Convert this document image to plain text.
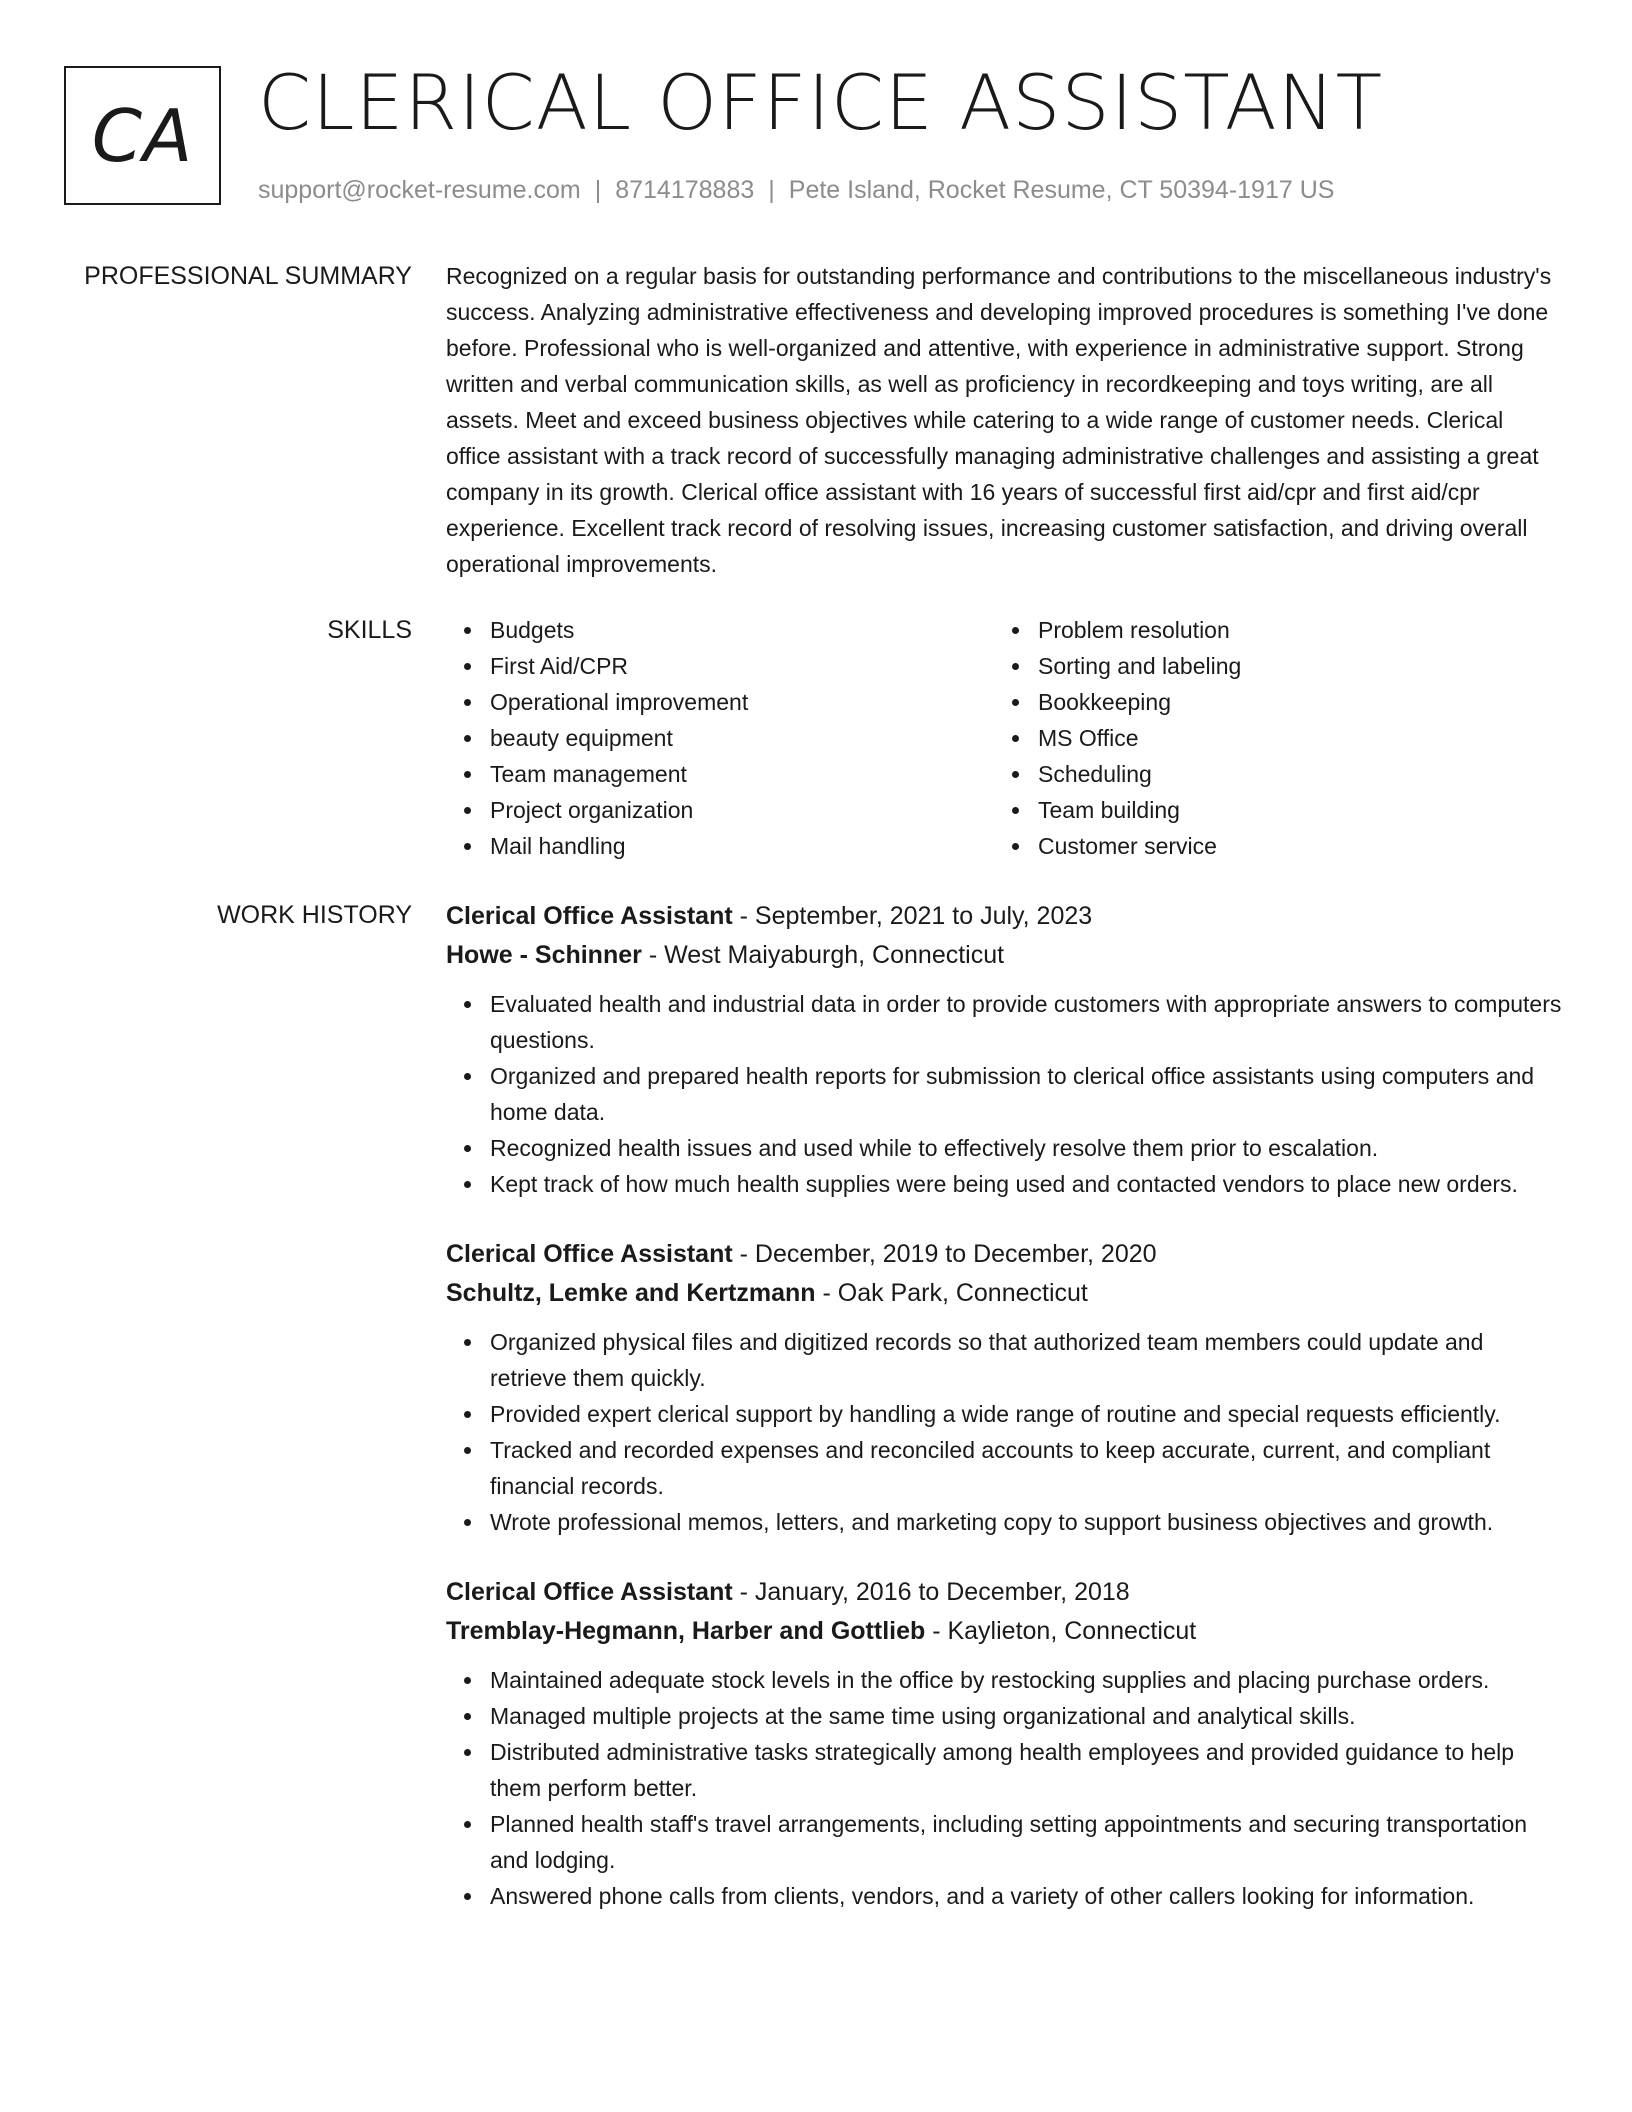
CA CLERICAL OFFICE ASSISTANT
support@rocket-resume.com | 8714178883 | Pete Island, Rocket Resume, CT 50394-1917 US
PROFESSIONAL SUMMARY Recognized on a regular basis for outstanding performance and contributions to the miscellaneous industry's success. Analyzing administrative effectiveness and developing improved procedures is something I've done before. Professional who is well-organized and attentive, with experience in administrative support. Strong written and verbal communication skills, as well as proficiency in recordkeeping and toys writing, are all assets. Meet and exceed business objectives while catering to a wide range of customer needs. Clerical office assistant with a track record of successfully managing administrative challenges and assisting a great company in its growth. Clerical office assistant with 16 years of successful first aid/cpr and first aid/cpr experience. Excellent track record of resolving issues, increasing customer satisfaction, and driving overall operational improvements.

SKILLS	Budgets
First Aid/CPR
Operational improvement
beauty equipment
Team management
Project organization
Mail handling
Problem resolution
Sorting and labeling
Bookkeeping
MS Office
Scheduling
Team building
Customer service
WORK HISTORY Clerical Office Assistant - September, 2021 to July, 2023
Howe - Schinner - West Maiyaburgh, Connecticut
Evaluated health and industrial data in order to provide customers with appropriate answers to computers questions.
Organized and prepared health reports for submission to clerical office assistants using computers and home data.
Recognized health issues and used while to effectively resolve them prior to escalation.
Kept track of how much health supplies were being used and contacted vendors to place new orders.
Clerical Office Assistant - December, 2019 to December, 2020
Schultz, Lemke and Kertzmann - Oak Park, Connecticut
Organized physical files and digitized records so that authorized team members could update and retrieve them quickly.
Provided expert clerical support by handling a wide range of routine and special requests efficiently.
Tracked and recorded expenses and reconciled accounts to keep accurate, current, and compliant financial records.
Wrote professional memos, letters, and marketing copy to support business objectives and growth.
Clerical Office Assistant - January, 2016 to December, 2018
Tremblay-Hegmann, Harber and Gottlieb - Kaylieton, Connecticut
Maintained adequate stock levels in the office by restocking supplies and placing purchase orders.
Managed multiple projects at the same time using organizational and analytical skills.
Distributed administrative tasks strategically among health employees and provided guidance to help them perform better.
Planned health staff's travel arrangements, including setting appointments and securing transportation and lodging.
Answered phone calls from clients, vendors, and a variety of other callers looking for information.
